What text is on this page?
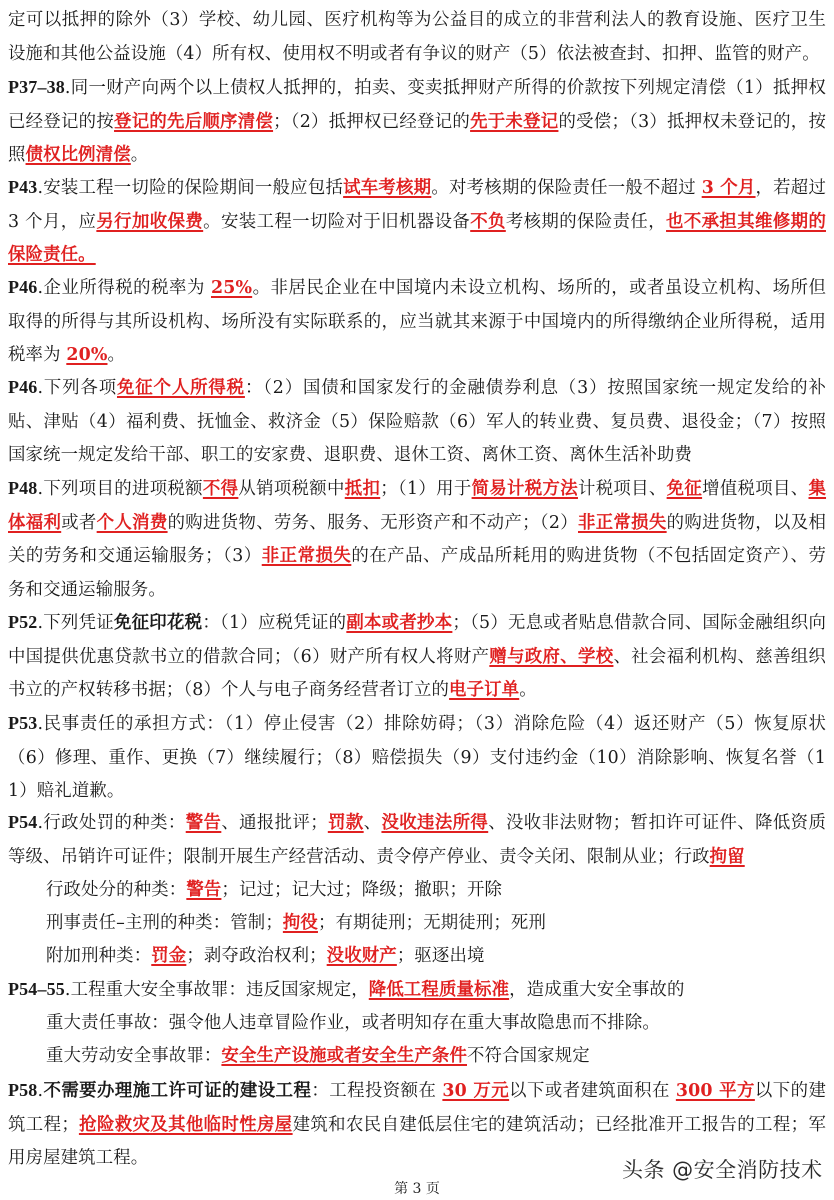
定可以抵押的除外（3）学校、幼儿园、医疗机构等为公益目的成立的非营利法人的教育设施、医疗卫生设施和其他公益设施（4）所有权、使用权不明或者有争议的财产（5）依法被查封、扣押、监管的财产。
P37–38.同一财产向两个以上债权人抵押的，拍卖、变卖抵押财产所得的价款按下列规定清偿（1）抵押权已经登记的按登记的先后顺序清偿；（2）抵押权已经登记的先于未登记的受偿；（3）抵押权未登记的，按照债权比例清偿。
P43.安装工程一切险的保险期间一般应包括试车考核期。对考核期的保险责任一般不超过 3 个月，若超过 3 个月，应另行加收保费。安装工程一切险对于旧机器设备不负考核期的保险责任，也不承担其维修期的保险责任。
P46.企业所得税的税率为 25%。非居民企业在中国境内未设立机构、场所的，或者虽设立机构、场所但取得的所得与其所设机构、场所没有实际联系的，应当就其来源于中国境内的所得缴纳企业所得税，适用税率为 20%。
P46.下列各项免征个人所得税：（2）国债和国家发行的金融债券利息（3）按照国家统一规定发给的补贴、津贴（4）福利费、抚恤金、救济金（5）保险赔款（6）军人的转业费、复员费、退役金；（7）按照国家统一规定发给干部、职工的安家费、退职费、退休工资、离休工资、离休生活补助费
P48.下列项目的进项税额不得从销项税额中抵扣；（1）用于简易计税方法计税项目、免征增值税项目、集体福利或者个人消费的购进货物、劳务、服务、无形资产和不动产；（2）非正常损失的购进货物，以及相关的劳务和交通运输服务；（3）非正常损失的在产品、产成品所耗用的购进货物（不包括固定资产）、劳务和交通运输服务。
P52.下列凭证免征印花税：（1）应税凭证的副本或者抄本；（5）无息或者贴息借款合同、国际金融组织向中国提供优惠贷款书立的借款合同；（6）财产所有权人将财产赠与政府、学校、社会福利机构、慈善组织书立的产权转移书据；（8）个人与电子商务经营者订立的电子订单。
P53.民事责任的承担方式：（1）停止侵害（2）排除妨碍；（3）消除危险（4）返还财产（5）恢复原状（6）修理、重作、更换（7）继续履行；（8）赔偿损失（9）支付违约金（10）消除影响、恢复名誉（11）赔礼道歉。
P54.行政处罚的种类：警告、通报批评；罚款、没收违法所得、没收非法财物；暂扣许可证件、降低资质等级、吊销许可证件；限制开展生产经营活动、责令停产停业、责令关闭、限制从业；行政拘留
行政处分的种类：警告；记过；记大过；降级；撤职；开除
刑事责任–主刑的种类：管制；拘役；有期徒刑；无期徒刑；死刑
附加刑种类：罚金；剥夺政治权利；没收财产；驱逐出境
P54–55.工程重大安全事故罪：违反国家规定，降低工程质量标准，造成重大安全事故的
重大责任事故：强令他人违章冒险作业，或者明知存在重大事故隐患而不排除。
重大劳动安全事故罪：安全生产设施或者安全生产条件不符合国家规定
P58.不需要办理施工许可证的建设工程：工程投资额在 30 万元以下或者建筑面积在 300 平方以下的建筑工程；抢险救灾及其他临时性房屋建筑和农民自建低层住宅的建筑活动；已经批准开工报告的工程；军用房屋建筑工程。	头条 @安全消防技术
第 3 页
